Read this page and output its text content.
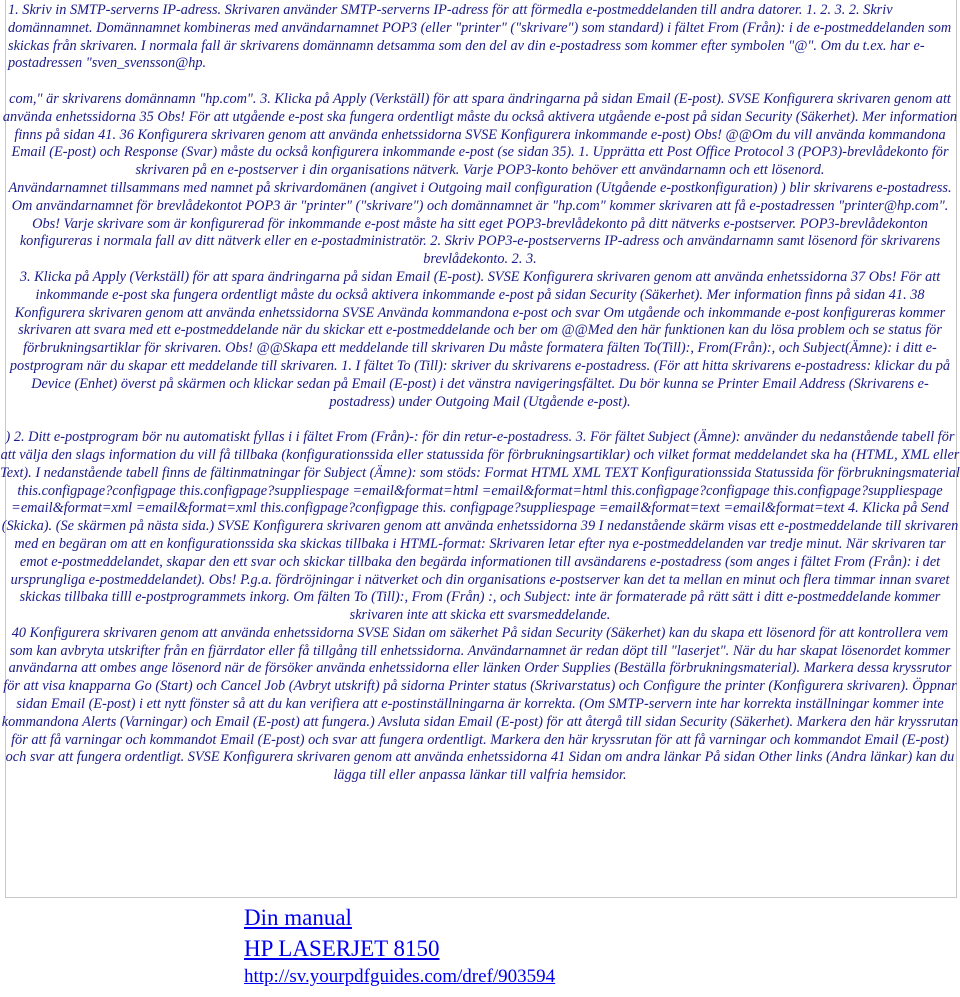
1. Skriv in SMTP-serverns IP-adress. Skrivaren använder SMTP-serverns IP-adress för att förmedla e-postmeddelanden till andra datorer. 1. 2. 3. 2. Skriv domännamnet. Domännamnet kombineras med användarnamnet POP3 (eller "printer" ("skrivare") som standard) i fältet From (Från): i de e-postmeddelanden som skickas från skrivaren. I normala fall är skrivarens domännamn detsamma som den del av din e-postadress som kommer efter symbolen "@". Om du t.ex. har e-postadressen "sven_svensson@hp.

com," är skrivarens domännamn "hp.com". 3. Klicka på Apply (Verkställ) för att spara ändringarna på sidan Email (E-post). SVSE Konfigurera skrivaren genom att använda enhetssidorna 35 Obs! För att utgående e-post ska fungera ordentligt måste du också aktivera utgående e-post på sidan Security (Säkerhet). Mer information finns på sidan 41. 36 Konfigurera skrivaren genom att använda enhetssidorna SVSE Konfigurera inkommande e-post) Obs! @@Om du vill använda kommandona Email (E-post) och Response (Svar) måste du också konfigurera inkommande e-post (se sidan 35). 1. Upprätta ett Post Office Protocol 3 (POP3)-brevlådekonto för skrivaren på en e-postserver i din organisations nätverk. Varje POP3-konto behöver ett användarnamn och ett lösenord.

Användarnamnet tillsammans med namnet på skrivardomänen (angivet i Outgoing mail configuration (Utgående e-postkonfiguration) ) blir skrivarens e-postadress. Om användarnamnet för brevlådekontot POP3 är "printer" ("skrivare") och domännamnet är "hp.com" kommer skrivaren att få e-postadressen "printer@hp.com". Obs! Varje skrivare som är konfigurerad för inkommande e-post måste ha sitt eget POP3-brevlådekonto på ditt nätverks e-postserver. POP3-brevlådekonton konfigureras i normala fall av ditt nätverk eller en e-postadministratör. 2. Skriv POP3-e-postserverns IP-adress och användarnamn samt lösenord för skrivarens brevlådekonto. 2. 3.

3. Klicka på Apply (Verkställ) för att spara ändringarna på sidan Email (E-post). SVSE Konfigurera skrivaren genom att använda enhetssidorna 37 Obs! För att inkommande e-post ska fungera ordentligt måste du också aktivera inkommande e-post på sidan Security (Säkerhet). Mer information finns på sidan 41. 38 Konfigurera skrivaren genom att använda enhetssidorna SVSE Använda kommandona e-post och svar Om utgående och inkommande e-post konfigureras kommer skrivaren att svara med ett e-postmeddelande när du skickar ett e-postmeddelande och ber om @@Med den här funktionen kan du lösa problem och se status för förbrukningsartiklar för skrivaren. Obs! @@Skapa ett meddelande till skrivaren Du måste formatera fälten To(Till):, From(Från):, och Subject(Ämne): i ditt e-postprogram när du skapar ett meddelande till skrivaren. 1. I fältet To (Till): skriver du skrivarens e-postadress. (För att hitta skrivarens e-postadress: klickar du på Device (Enhet) överst på skärmen och klickar sedan på Email (E-post) i det vänstra navigeringsfältet. Du bör kunna se Printer Email Address (Skrivarens e-postadress) under Outgoing Mail (Utgående e-post).

) 2. Ditt e-postprogram bör nu automatiskt fyllas i i fältet From (Från)-: för din retur-e-postadress. 3. För fältet Subject (Ämne): använder du nedanstående tabell för att välja den slags information du vill få tillbaka (konfigurationssida eller statussida för förbrukningsartiklar) och vilket format meddelandet ska ha (HTML, XML eller Text). I nedanstående tabell finns de fältinmatningar för Subject (Ämne): som stöds: Format HTML XML TEXT Konfigurationssida Statussida för förbrukningsmaterial this.configpage?configpage this.configpage?suppliespage =email&format=html =email&format=html this.configpage?configpage this.configpage?suppliespage =email&format=xml =email&format=xml this.configpage?configpage this. configpage?suppliespage =email&format=text =email&format=text 4. Klicka på Send (Skicka). (Se skärmen på nästa sida.) SVSE Konfigurera skrivaren genom att använda enhetssidorna 39 I nedanstående skärm visas ett e-postmeddelande till skrivaren med en begäran om att en konfigurationssida ska skickas tillbaka i HTML-format: Skrivaren letar efter nya e-postmeddelanden var tredje minut. När skrivaren tar emot e-postmeddelandet, skapar den ett svar och skickar tillbaka den begärda informationen till avsändarens e-postadress (som anges i fältet From (Från): i det ursprungliga e-postmeddelandet). Obs! P.g.a. fördröjningar i nätverket och din organisations e-postserver kan det ta mellan en minut och flera timmar innan svaret skickas tillbaka tilll e-postprogrammets inkorg. Om fälten To (Till):, From (Från) :, och Subject: inte är formaterade på rätt sätt i ditt e-postmeddelande kommer skrivaren inte att skicka ett svarsmeddelande.

40 Konfigurera skrivaren genom att använda enhetssidorna SVSE Sidan om säkerhet På sidan Security (Säkerhet) kan du skapa ett lösenord för att kontrollera vem som kan avbryta utskrifter från en fjärrdator eller få tillgång till enhetssidorna. Användarnamnet är redan döpt till "laserjet". När du har skapat lösenordet kommer användarna att ombes ange lösenord när de försöker använda enhetssidorna eller länken Order Supplies (Beställa förbrukningsmaterial). Markera dessa kryssrutor för att visa knapparna Go (Start) och Cancel Job (Avbryt utskrift) på sidorna Printer status (Skrivarstatus) och Configure the printer (Konfigurera skrivaren). Öppnar sidan Email (E-post) i ett nytt fönster så att du kan verifiera att e-postinställningarna är korrekta. (Om SMTP-servern inte har korrekta inställningar kommer inte kommandona Alerts (Varningar) och Email (E-post) att fungera.) Avsluta sidan Email (E-post) för att återgå till sidan Security (Säkerhet). Markera den här kryssrutan för att få varningar och kommandot Email (E-post) och svar att fungera ordentligt. Markera den här kryssrutan för att få varningar och kommandot Email (E-post) och svar att fungera ordentligt. SVSE Konfigurera skrivaren genom att använda enhetssidorna 41 Sidan om andra länkar På sidan Other links (Andra länkar) kan du lägga till eller anpassa länkar till valfria hemsidor.

Din manual
HP LASERJET 8150
http://sv.yourpdfguides.com/dref/903594
